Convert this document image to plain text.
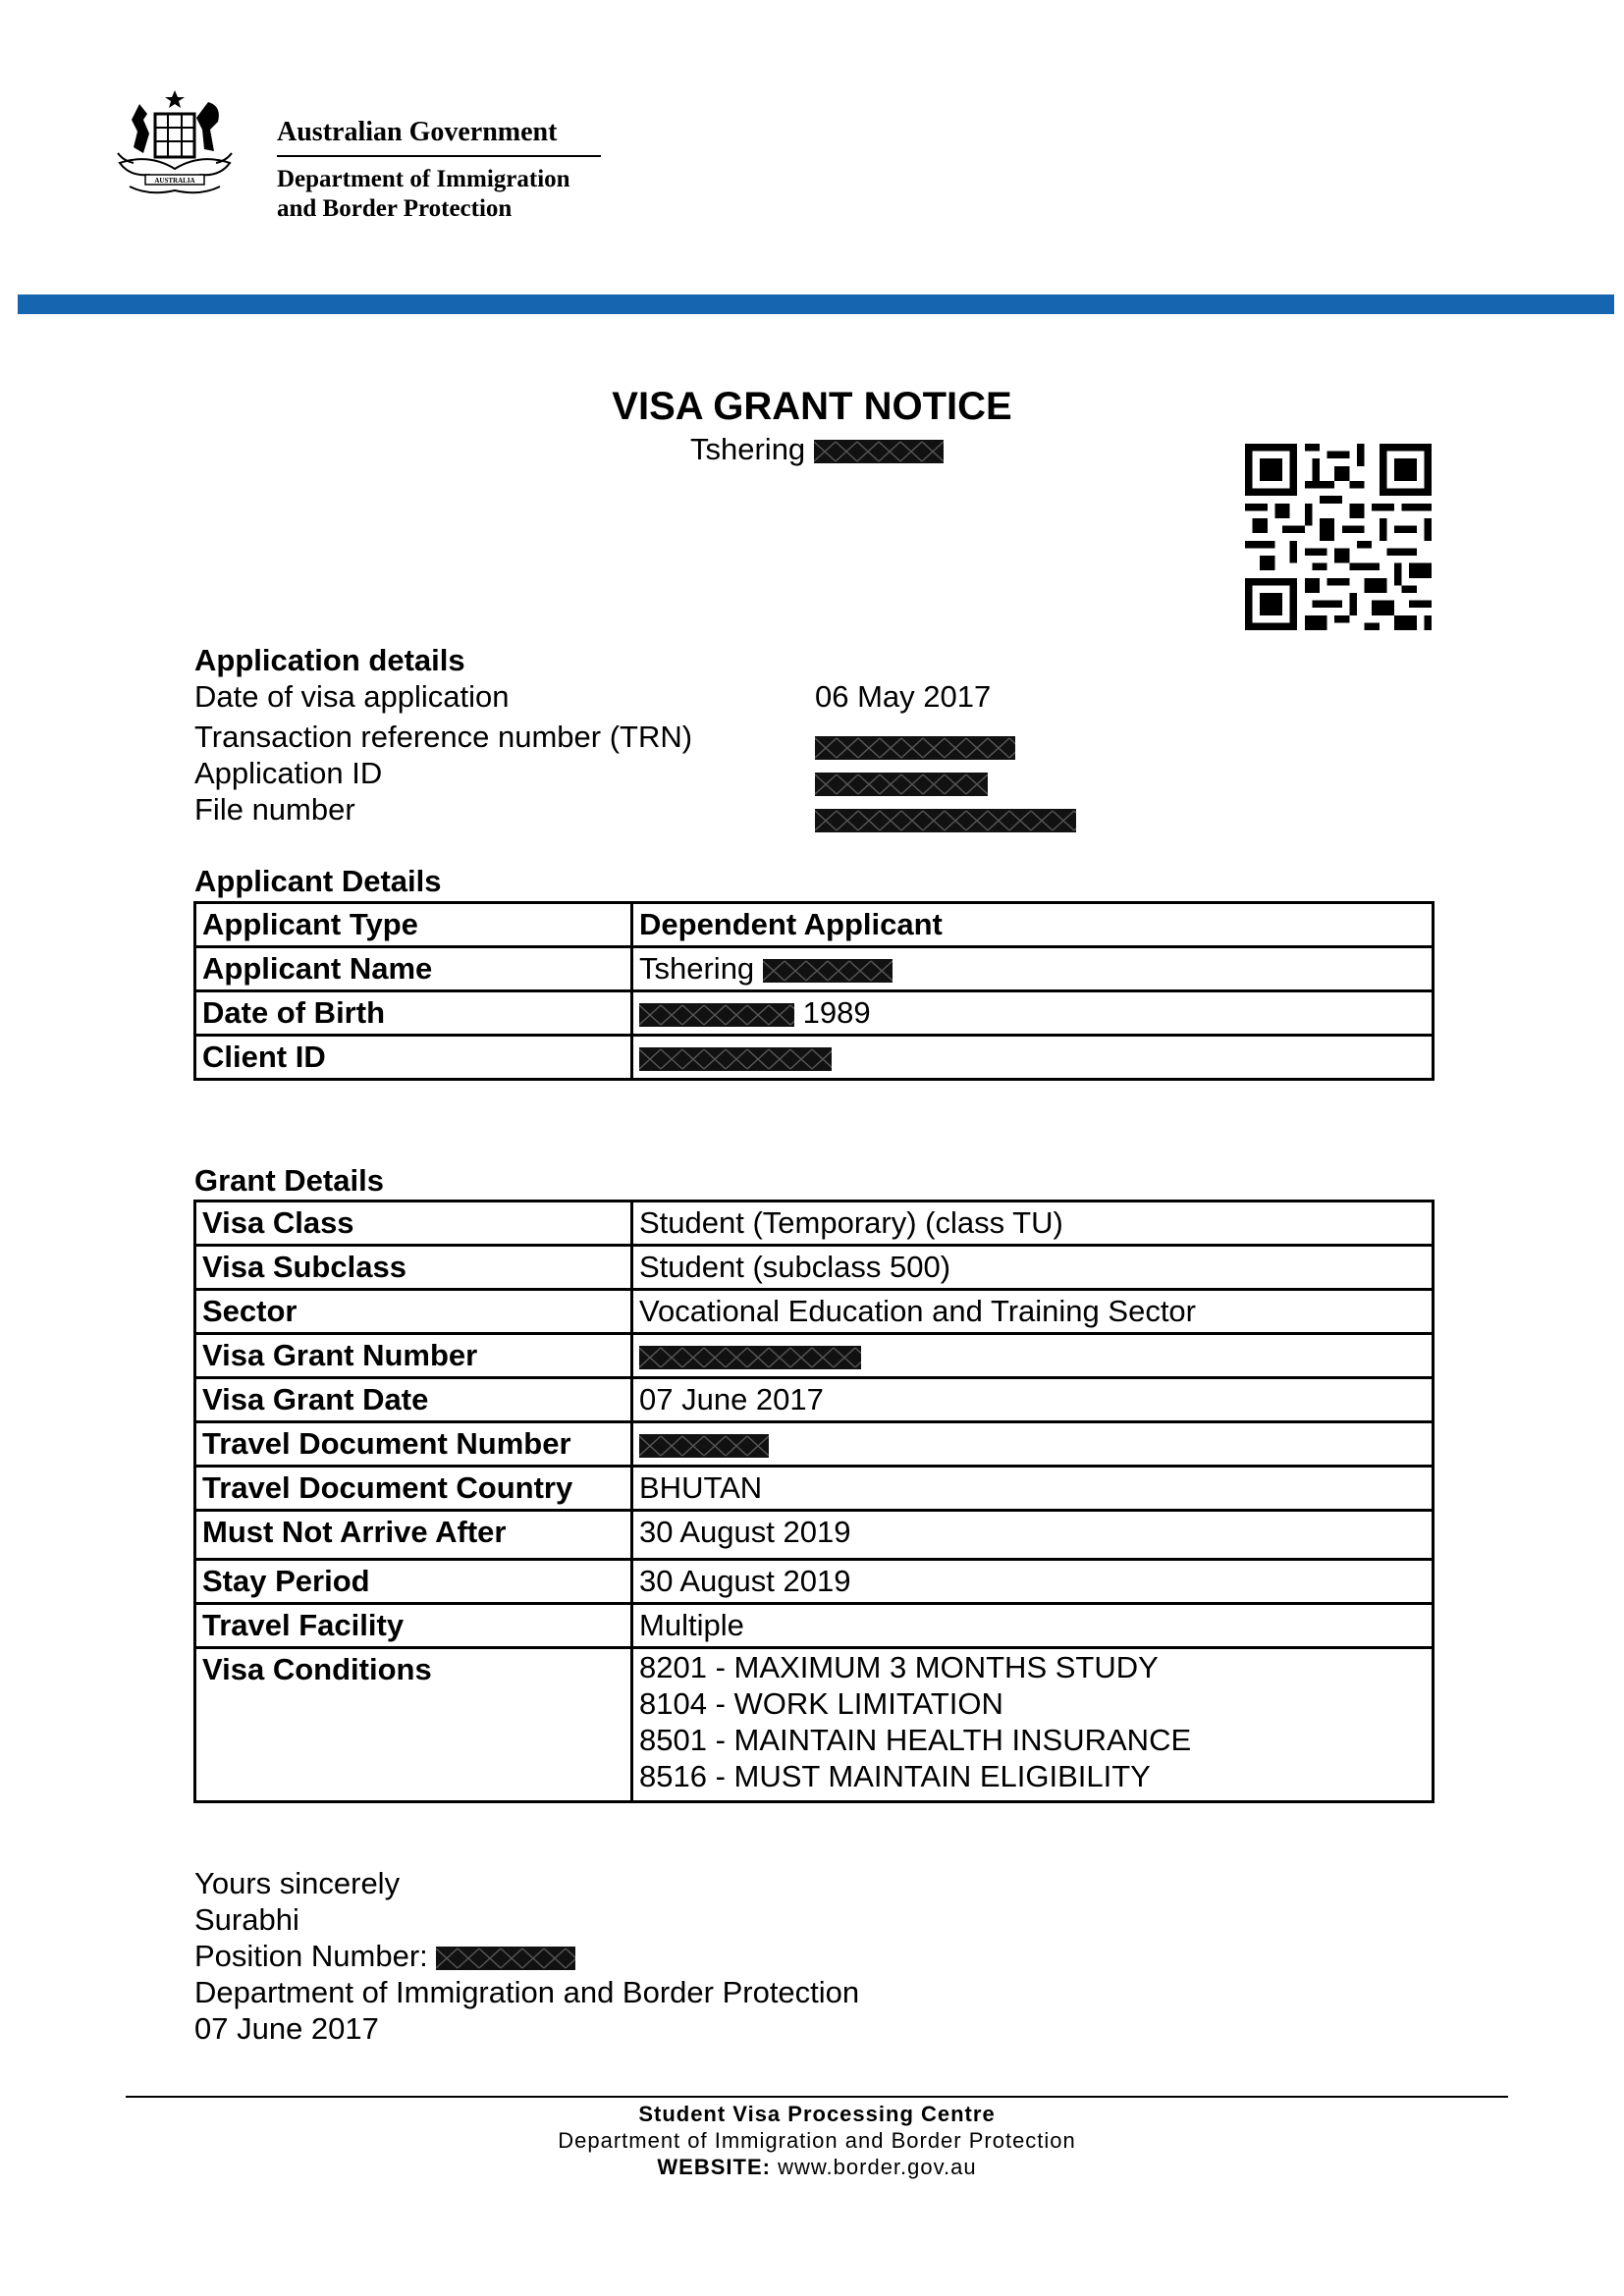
AUSTRALIA
Australian Government
Department of Immigration
and Border Protection
VISA GRANT NOTICE
Tshering
Application details
Date of visa application	06 May 2017
Transaction reference number (TRN)
Application ID
File number
Applicant Details
Applicant Type	Dependent Applicant
Applicant Name	Tshering

Date of Birth	1989
Client ID	
Grant Details
Visa Class	Student (Temporary) (class TU)
Visa Subclass	Student (subclass 500)
Sector	Vocational Education and Training Sector
Visa Grant Number	

Visa Grant Date	07 June 2017
Travel Document Number	

Travel Document Country	BHUTAN
Must Not Arrive After	30 August 2019
Stay Period	30 August 2019
Travel Facility	Multiple
Visa Conditions	8201 - MAXIMUM 3 MONTHS STUDY
8104 - WORK LIMITATION
8501 - MAINTAIN HEALTH INSURANCE
8516 - MUST MAINTAIN ELIGIBILITY
Yours sincerely
Surabhi
Position Number:
Department of Immigration and Border Protection
07 June 2017
Student Visa Processing Centre
Department of Immigration and Border Protection
WEBSITE: www.border.gov.au
